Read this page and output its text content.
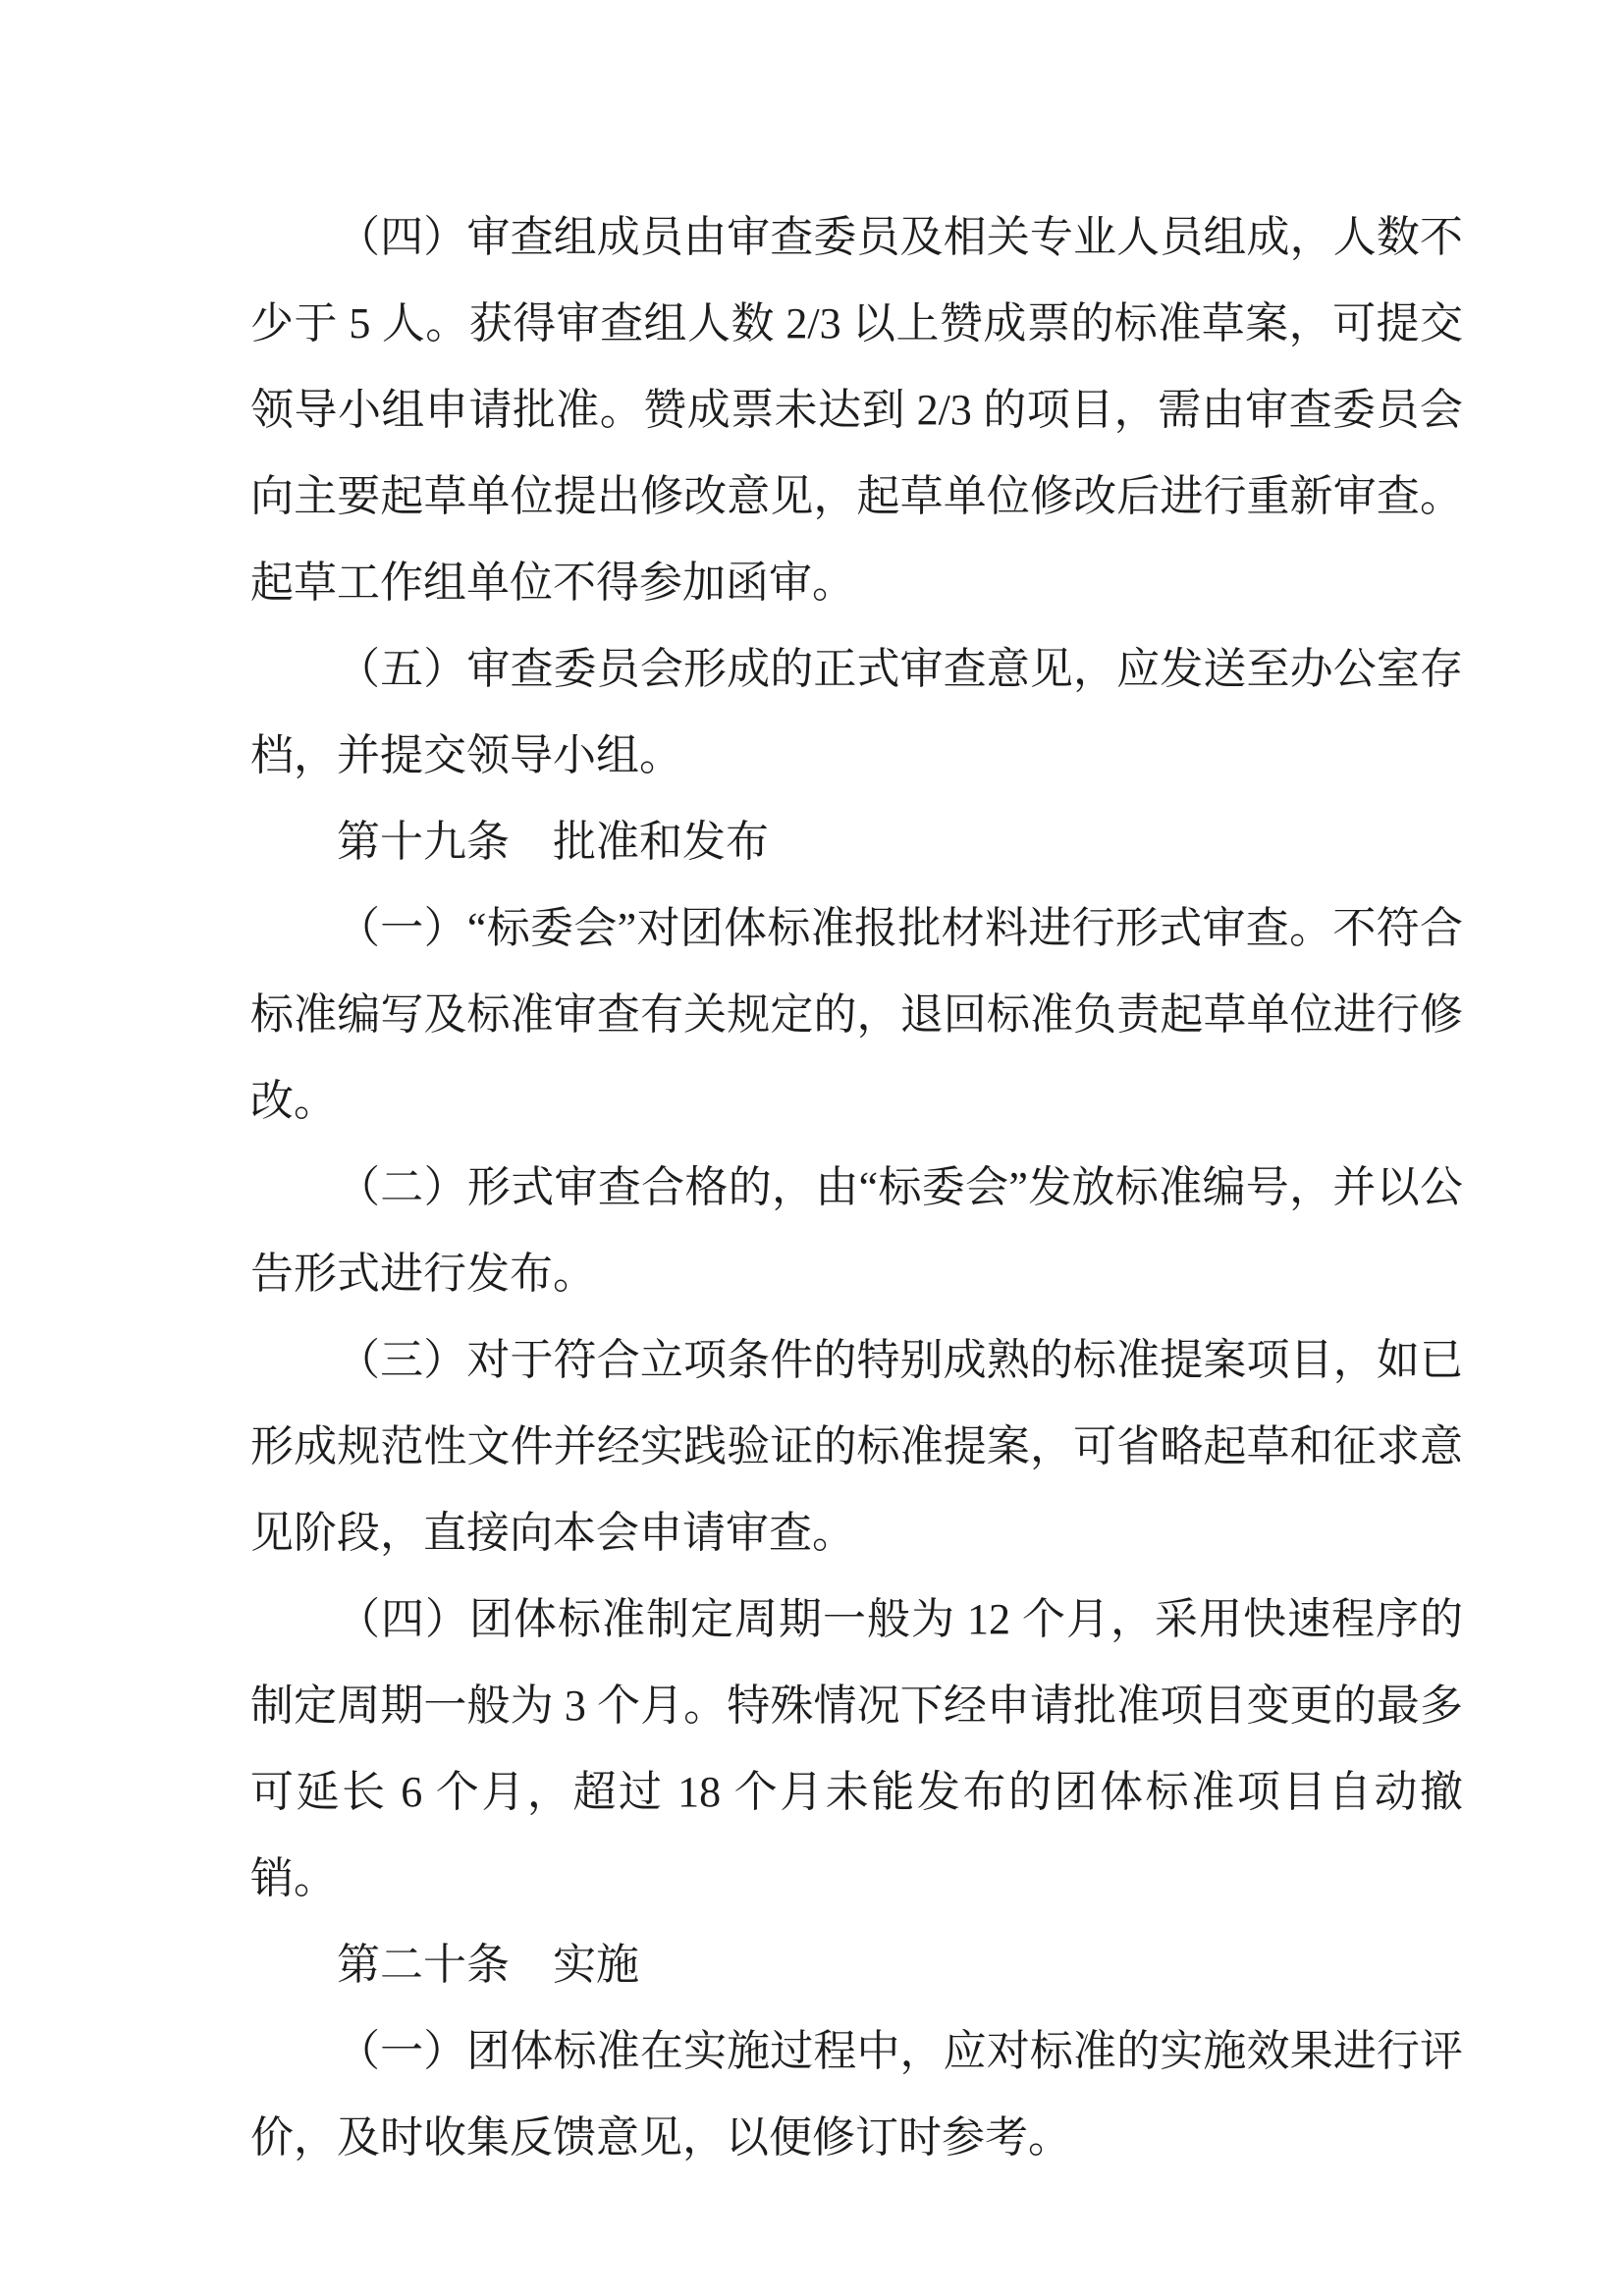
（四）审查组成员由审查委员及相关专业人员组成，人数不少于 5 人。获得审查组人数 2/3 以上赞成票的标准草案，可提交领导小组申请批准。赞成票未达到 2/3 的项目，需由审查委员会向主要起草单位提出修改意见，起草单位修改后进行重新审查。起草工作组单位不得参加函审。

（五）审查委员会形成的正式审查意见，应发送至办公室存档，并提交领导小组。

第十九条　批准和发布

（一）“标委会”对团体标准报批材料进行形式审查。不符合标准编写及标准审查有关规定的，退回标准负责起草单位进行修改。

（二）形式审查合格的，由“标委会”发放标准编号，并以公告形式进行发布。

（三）对于符合立项条件的特别成熟的标准提案项目，如已形成规范性文件并经实践验证的标准提案，可省略起草和征求意见阶段，直接向本会申请审查。

（四）团体标准制定周期一般为 12 个月，采用快速程序的制定周期一般为 3 个月。特殊情况下经申请批准项目变更的最多可延长 6 个月，超过 18 个月未能发布的团体标准项目自动撤销。

第二十条　实施

（一）团体标准在实施过程中，应对标准的实施效果进行评价，及时收集反馈意见，以便修订时参考。
